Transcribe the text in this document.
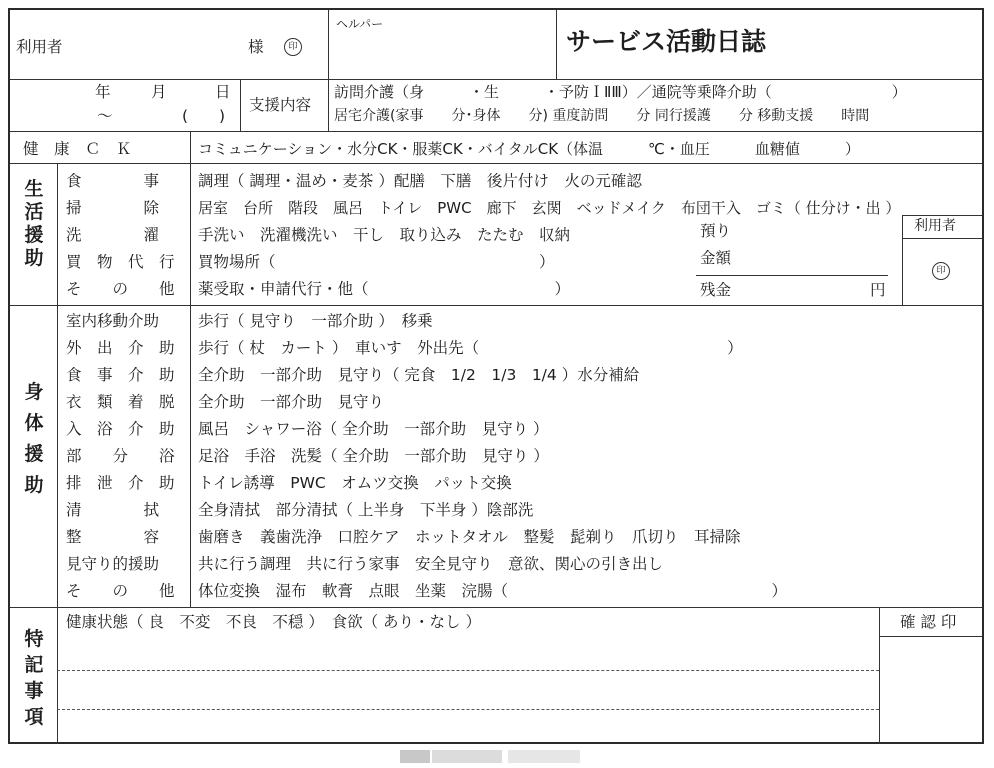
利用者	様	印
ヘルパー
サービス活動日誌
年	月	日
～	(　　)
支援内容
訪問介護（身　　　・生　　　・予防ＩⅡⅢ）／通院等乗降介助（　　　　　　　　）
居宅介護(家事　　分･身体　　分) 重度訪問　　分 同行援護　　分 移動支援　　時間
健　康　Ｃ　Ｋ	コミュニケーション・水分CK・服薬CK・バイタルCK（体温　　　℃・血圧　　　血糖値　　　）
生活援助
食　　　　事	調理（ 調理・温め・麦茶 ）配膳　下膳　後片付け　火の元確認
掃　　　　除	居室　台所　階段　風呂　トイレ　PWC　廊下　玄関　ベッドメイク　布団干入　ゴミ（ 仕分け・出 ）
洗　　　　濯	手洗い　洗濯機洗い　干し　取り込み　たたむ　収納
買　物　代　行 買物場所（　　　　　　　　　　　　　　　　　）
そ　　の　　他 薬受取・申請代行・他（　　　　　　　　　　　　）
利用者
印
預り
金額
残金	円
身体援助
室内移動介助	歩行（ 見守り　一部介助 ）　移乗
外　出　介　助 歩行（ 杖　カート ）　車いす　外出先（　　　　　　　　　　　　　　　　）
食　事　介　助 全介助　一部介助　見守り（ 完食　1/2　1/3　1/4 ）水分補給
衣　類　着　脱 全介助　一部介助　見守り
入　浴　介　助 風呂　シャワー浴（ 全介助　一部介助　見守り ）
部　　分　　浴 足浴　手浴　洗髪（ 全介助　一部介助　見守り ）
排　泄　介　助 トイレ誘導　PWC　オムツ交換　パット交換
清　　　　拭	全身清拭　部分清拭（ 上半身　下半身 ）陰部洗
整　　　　容	歯磨き　義歯洗浄　口腔ケア　ホットタオル　整髪　髭剃り　爪切り　耳掃除
見守り的援助	共に行う調理　共に行う家事　安全見守り　意欲、関心の引き出し
そ　　の　　他 体位変換　湿布　軟膏　点眼　坐薬　浣腸（　　　　　　　　　　　　　　　　　）
特記事項
健康状態（ 良　不変　不良　不穏 ）　食欲（ あり・なし ）	確 認 印
